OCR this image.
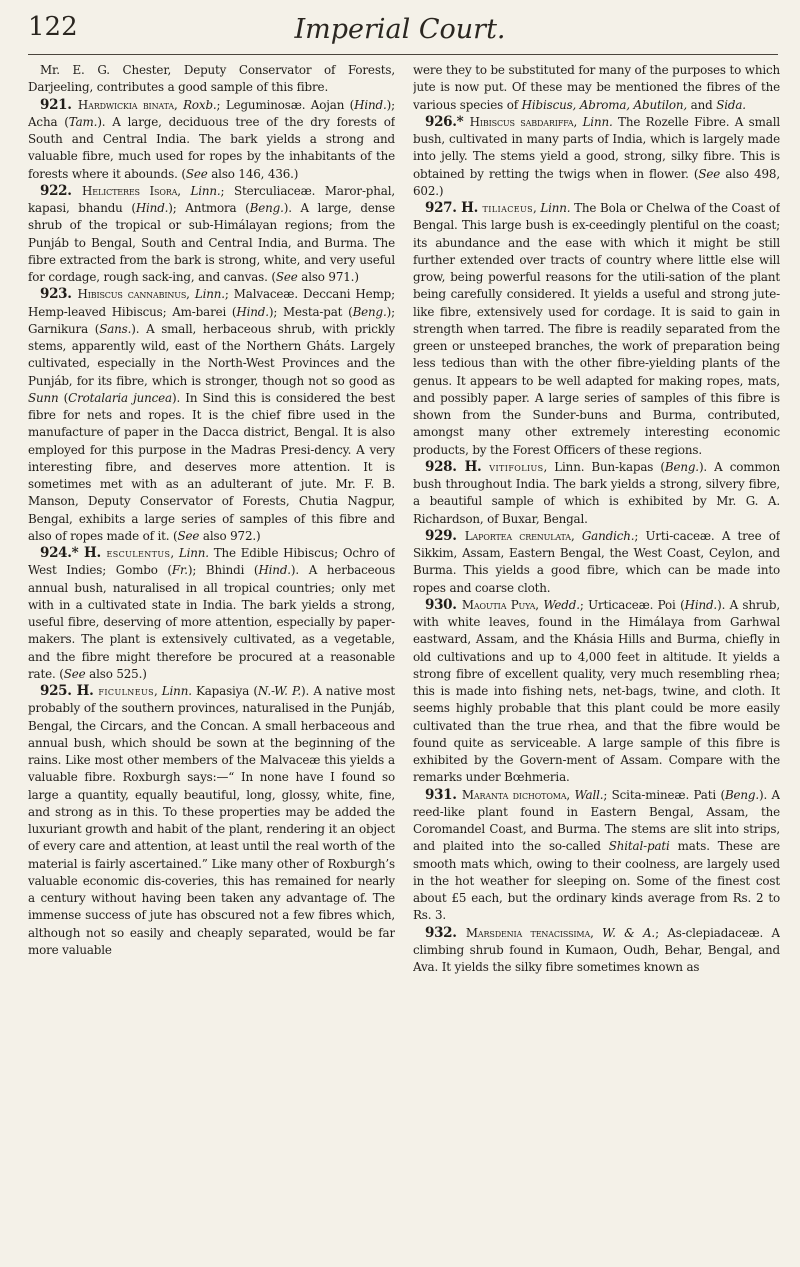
122	Imperial Court.

Mr. E. G. Chester, Deputy Conservator of Forests, Darjeeling, contributes a good sample of this fibre.

921. Hardwickia binata, Roxb.; Leguminosæ. Aojan (Hind.); Acha (Tam.). A large, deciduous tree of the dry forests of South and Central India. The bark yields a strong and valuable fibre, much used for ropes by the inhabitants of the forests where it abounds. (See also 146, 436.)

922. Helicteres Isora, Linn.; Sterculiaceæ. Maror-phal, kapasi, bhandu (Hind.); Antmora (Beng.). A large, dense shrub of the tropical or sub-Himálayan regions; from the Punjáb to Bengal, South and Central India, and Burma. The fibre extracted from the bark is strong, white, and very useful for cordage, rough sack-ing, and canvas. (See also 971.)

923. Hibiscus cannabinus, Linn.; Malvaceæ. Deccani Hemp; Hemp-leaved Hibiscus; Am-barei (Hind.); Mesta-pat (Beng.); Garnikura (Sans.). A small, herbaceous shrub, with prickly stems, apparently wild, east of the Northern Gháts. Largely cultivated, especially in the North-West Provinces and the Punjáb, for its fibre, which is stronger, though not so good as Sunn (Crotalaria juncea). In Sind this is considered the best fibre for nets and ropes. It is the chief fibre used in the manufacture of paper in the Dacca district, Bengal. It is also employed for this purpose in the Madras Presi-dency. A very interesting fibre, and deserves more attention. It is sometimes met with as an adulterant of jute. Mr. F. B. Manson, Deputy Conservator of Forests, Chutia Nagpur, Bengal, exhibits a large series of samples of this fibre and also of ropes made of it. (See also 972.)

924.* H. esculentus, Linn. The Edible Hibiscus; Ochro of West Indies; Gombo (Fr.); Bhindi (Hind.). A herbaceous annual bush, naturalised in all tropical countries; only met with in a cultivated state in India. The bark yields a strong, useful fibre, deserving of more attention, especially by paper-makers. The plant is extensively cultivated, as a vegetable, and the fibre might therefore be procured at a reasonable rate. (See also 525.)

925. H. ficulneus, Linn. Kapasiya (N.-W. P.). A native most probably of the southern provinces, naturalised in the Punjáb, Bengal, the Circars, and the Concan. A small herbaceous and annual bush, which should be sown at the beginning of the rains. Like most other members of the Malvaceæ this yields a valuable fibre. Roxburgh says:—“ In none have I found so large a quantity, equally beautiful, long, glossy, white, fine, and strong as in this. To these properties may be added the luxuriant growth and habit of the plant, rendering it an object of every care and attention, at least until the real worth of the material is fairly ascertained.” Like many other of Roxburgh’s valuable economic dis-coveries, this has remained for nearly a century without having been taken any advantage of. The immense success of jute has obscured not a few fibres which, although not so easily and cheaply separated, would be far more valuable

were they to be substituted for many of the purposes to which jute is now put. Of these may be mentioned the fibres of the various species of Hibiscus, Abroma, Abutilon, and Sida.

926.* Hibiscus sabdariffa, Linn. The Rozelle Fibre. A small bush, cultivated in many parts of India, which is largely made into jelly. The stems yield a good, strong, silky fibre. This is obtained by retting the twigs when in flower. (See also 498, 602.)

927. H. tiliaceus, Linn. The Bola or Chelwa of the Coast of Bengal. This large bush is ex-ceedingly plentiful on the coast; its abundance and the ease with which it might be still further extended over tracts of country where little else will grow, being powerful reasons for the utili-sation of the plant being carefully considered. It yields a useful and strong jute-like fibre, extensively used for cordage. It is said to gain in strength when tarred. The fibre is readily separated from the green or unsteeped branches, the work of preparation being less tedious than with the other fibre-yielding plants of the genus. It appears to be well adapted for making ropes, mats, and possibly paper. A large series of samples of this fibre is shown from the Sunder-buns and Burma, contributed, amongst many other extremely interesting economic products, by the Forest Officers of these regions.

928. H. vitifolius, Linn. Bun-kapas (Beng.). A common bush throughout India. The bark yields a strong, silvery fibre, a beautiful sample of which is exhibited by Mr. G. A. Richardson, of Buxar, Bengal.

929. Laportea crenulata, Gandich.; Urti-caceæ. A tree of Sikkim, Assam, Eastern Bengal, the West Coast, Ceylon, and Burma. This yields a good fibre, which can be made into ropes and coarse cloth.

930. Maoutia Puya, Wedd.; Urticaceæ. Poi (Hind.). A shrub, with white leaves, found in the Himálaya from Garhwal eastward, Assam, and the Khásia Hills and Burma, chiefly in old cultivations and up to 4,000 feet in altitude. It yields a strong fibre of excellent quality, very much resembling rhea; this is made into fishing nets, net-bags, twine, and cloth. It seems highly probable that this plant could be more easily cultivated than the true rhea, and that the fibre would be found quite as serviceable. A large sample of this fibre is exhibited by the Govern-ment of Assam. Compare with the remarks under Bœhmeria.

931. Maranta dichotoma, Wall.; Scita-mineæ. Pati (Beng.). A reed-like plant found in Eastern Bengal, Assam, the Coromandel Coast, and Burma. The stems are slit into strips, and plaited into the so-called Shital-pati mats. These are smooth mats which, owing to their coolness, are largely used in the hot weather for sleeping on. Some of the finest cost about £5 each, but the ordinary kinds average from Rs. 2 to Rs. 3.

932. Marsdenia tenacissima, W. & A.; As-clepiadaceæ. A climbing shrub found in Kumaon, Oudh, Behar, Bengal, and Ava. It yields the silky fibre sometimes known as
